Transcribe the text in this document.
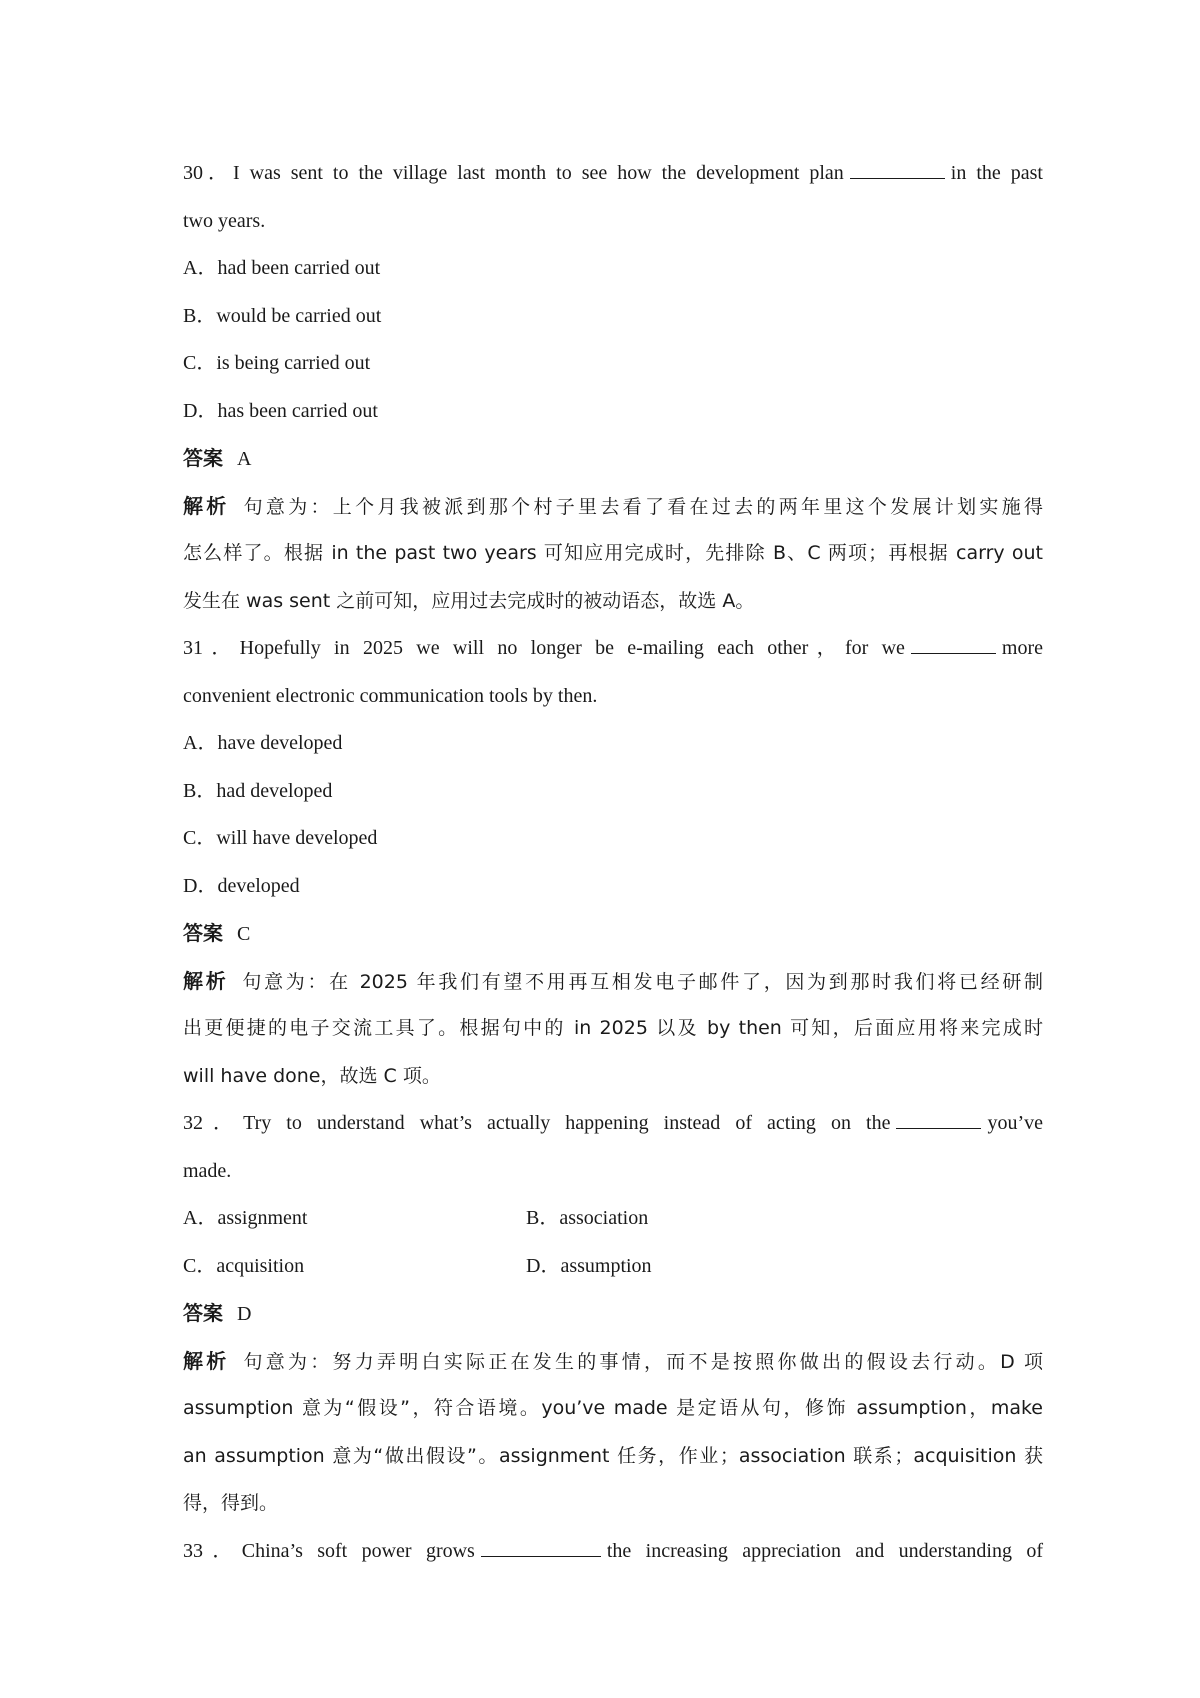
30．I was sent to the village last month to see how the development plan	in the past
two years.
A．had been carried out
B．would be carried out
C．is being carried out
D．has been carried out
答案 A
解析 句意为：上个月我被派到那个村子里去看了看在过去的两年里这个发展计划实施得
怎么样了。根据 in the past two years 可知应用完成时，先排除 B、C 两项；再根据 carry out
发生在 was sent 之前可知，应用过去完成时的被动语态，故选 A。
31．Hopefully in 2025 we will no longer be e-mailing each other，for we	more
convenient electronic communication tools by then.
A．have developed
B．had developed
C．will have developed
D．developed
答案 C
解析 句意为：在 2025 年我们有望不用再互相发电子邮件了，因为到那时我们将已经研制
出更便捷的电子交流工具了。根据句中的 in 2025 以及 by then 可知，后面应用将来完成时
will have done，故选 C 项。
32．Try to understand what’s actually happening instead of acting on the	you’ve
made.
A．assignment	B．association
C．acquisition	D．assumption
答案 D
解析 句意为：努力弄明白实际正在发生的事情，而不是按照你做出的假设去行动。D 项
assumption 意为“假设”，符合语境。you’ve made 是定语从句，修饰 assumption，make
an assumption 意为“做出假设”。assignment 任务，作业；association 联系；acquisition 获
得，得到。
33．China’s soft power grows	the increasing appreciation and understanding of
